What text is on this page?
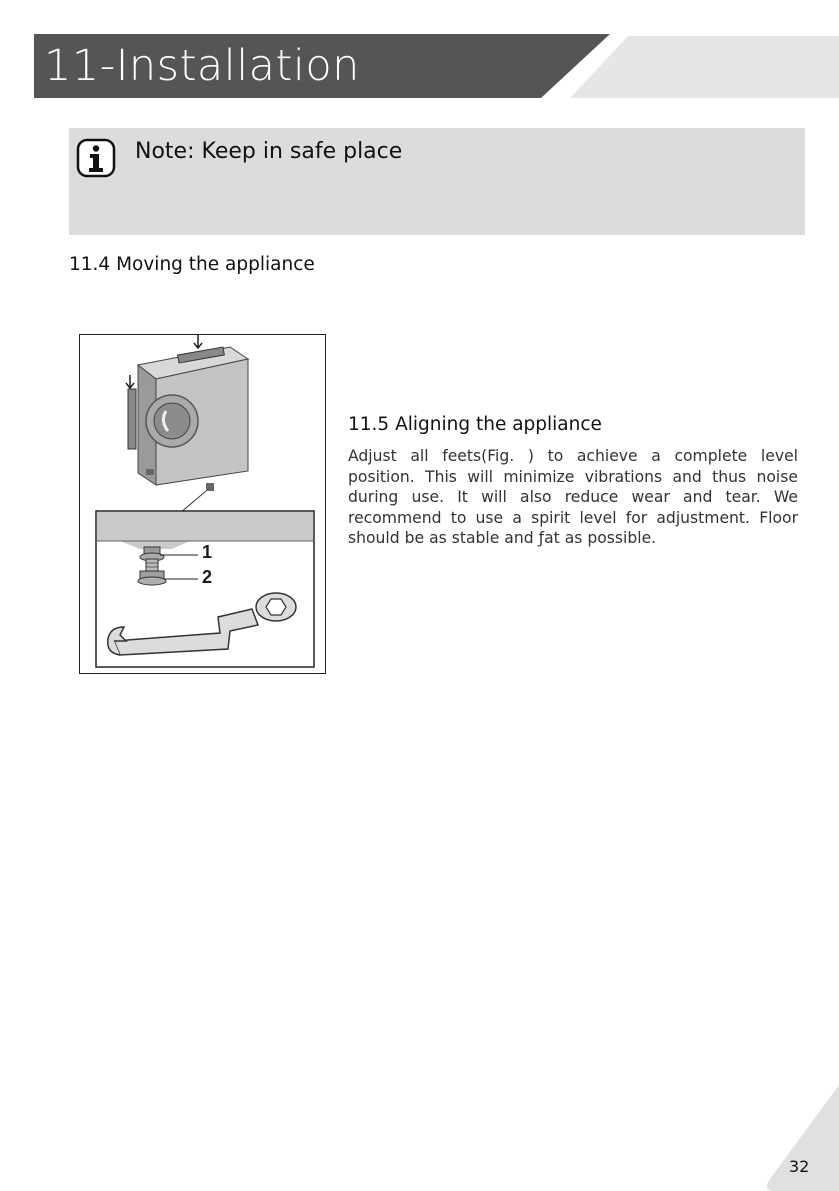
11-Installation
Note: Keep in safe place
11.4 Moving the appliance
1
2
11.5 Aligning the appliance

Adjust all feets(Fig. ) to achieve a complete level position. This will minimize vibrations and thus noise during use. It will also reduce wear and tear. We recommend to use a spirit level for adjustment. Floor should be as stable and ƒat as possible.

32
